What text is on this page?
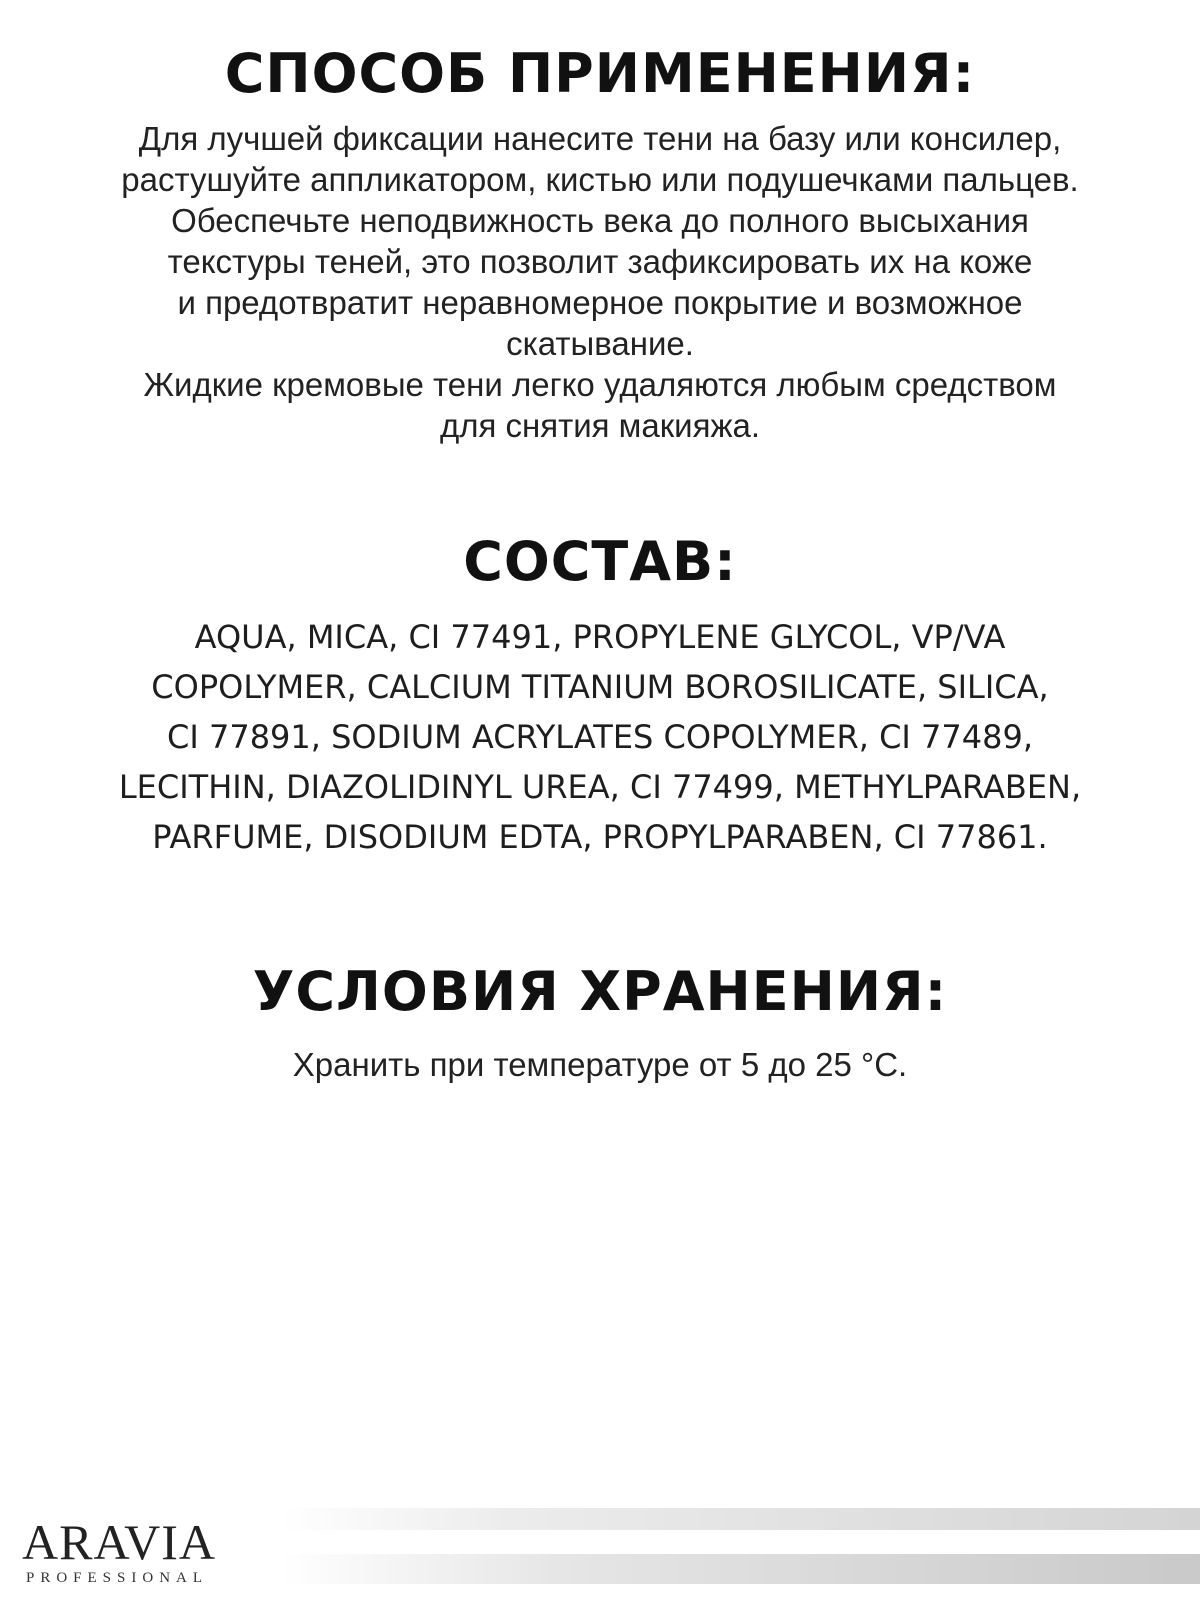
СПОСОБ ПРИМЕНЕНИЯ:

Для лучшей фиксации нанесите тени на базу или консилер,
растушуйте аппликатором, кистью или подушечками пальцев.
Обеспечьте неподвижность века до полного высыхания
текстуры теней, это позволит зафиксировать их на коже
и предотвратит неравномерное покрытие и возможное
скатывание.
Жидкие кремовые тени легко удаляются любым средством
для снятия макияжа.

СОСТАВ:

AQUA, MICA, CI 77491, PROPYLENE GLYCOL, VP/VA
COPOLYMER, CALCIUM TITANIUM BOROSILICATE, SILICA,
CI 77891, SODIUM ACRYLATES COPOLYMER, CI 77489,
LECITHIN, DIAZOLIDINYL UREA, CI 77499, METHYLPARABEN,
PARFUME, DISODIUM EDTA, PROPYLPARABEN, CI 77861.

УСЛОВИЯ ХРАНЕНИЯ:

Хранить при температуре от 5 до 25 °C.

ARAVIA
PROFESSIONAL
